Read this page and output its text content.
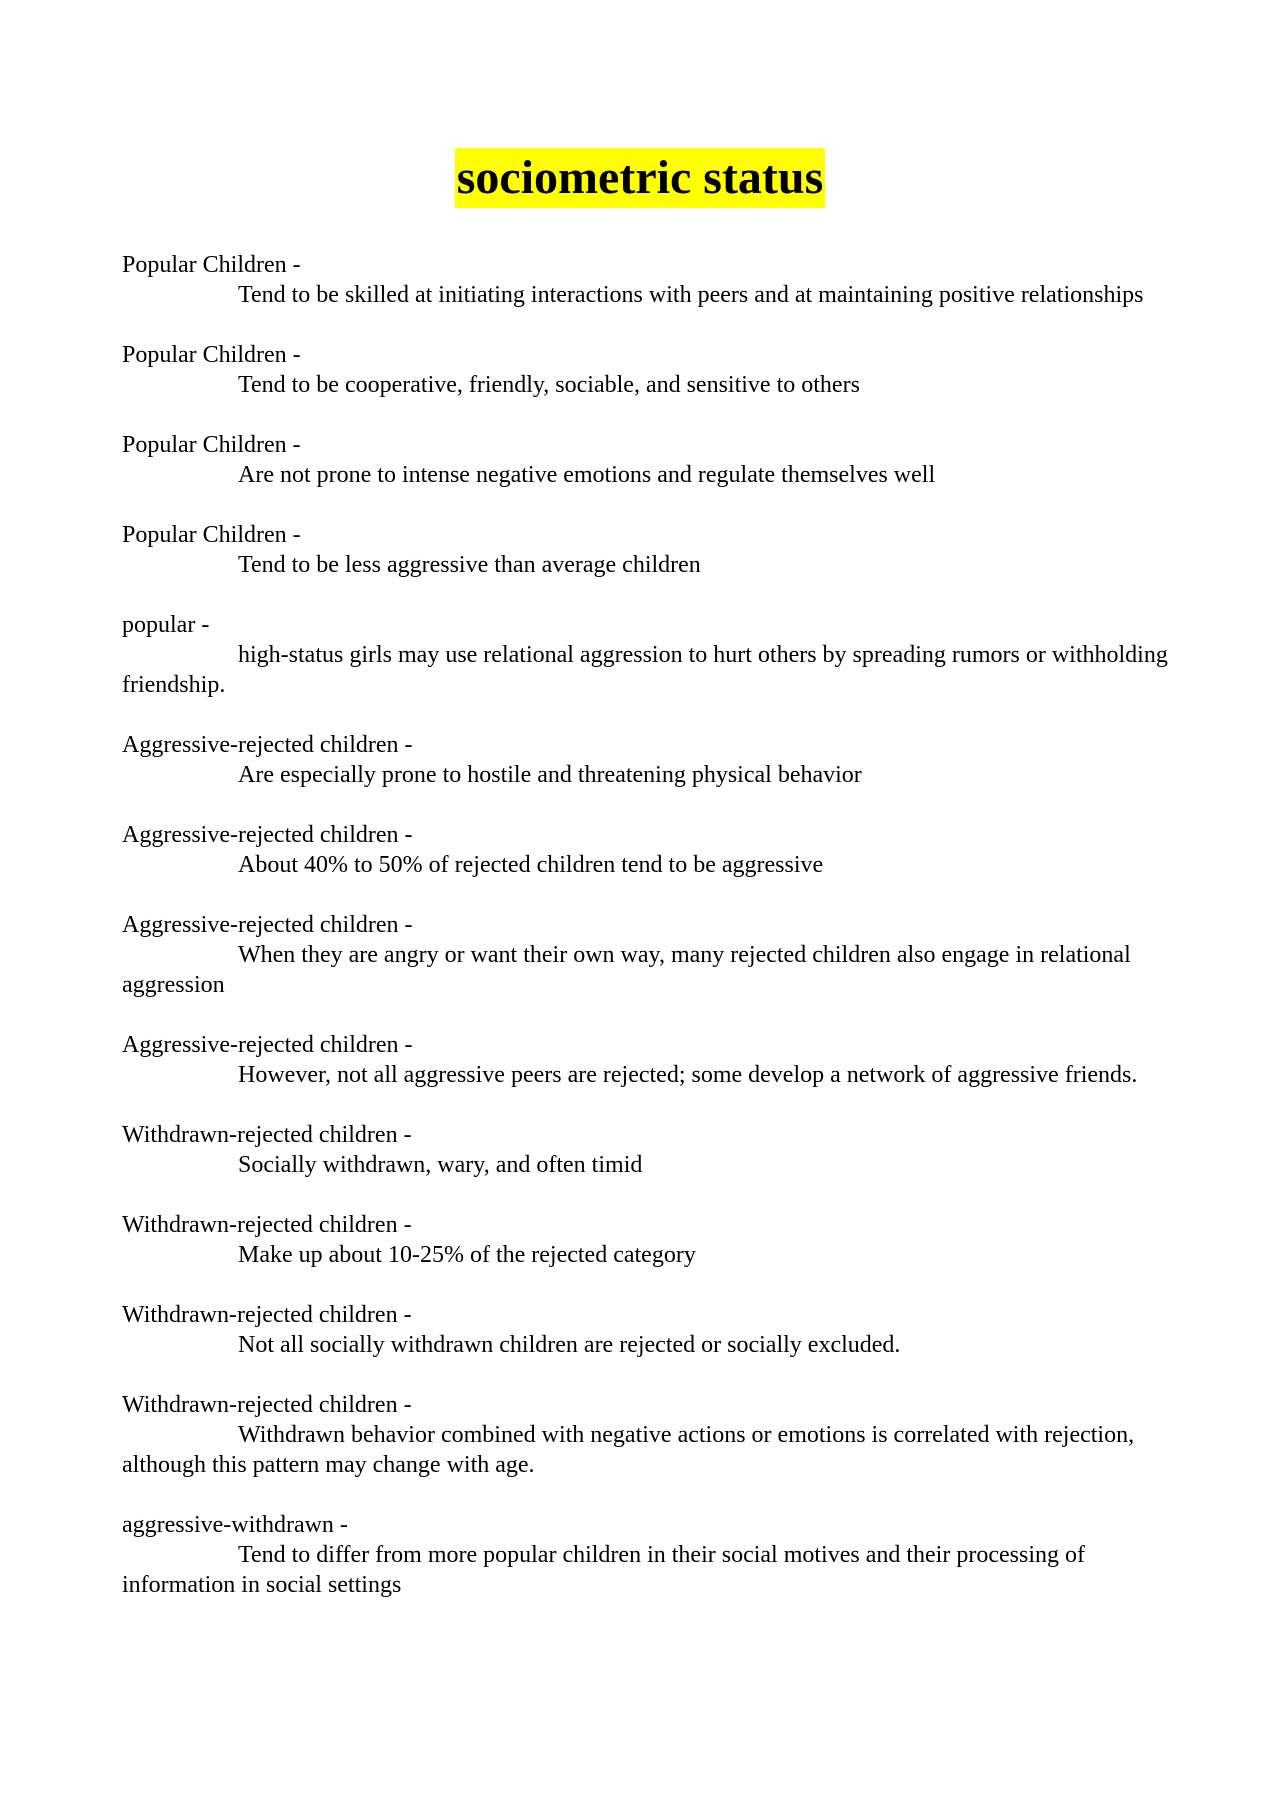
sociometric status
Popular Children -
Tend to be skilled at initiating interactions with peers and at maintaining positive relationships
Popular Children -
Tend to be cooperative, friendly, sociable, and sensitive to others
Popular Children -
Are not prone to intense negative emotions and regulate themselves well
Popular Children -
Tend to be less aggressive than average children
popular -
high-status girls may use relational aggression to hurt others by spreading rumors or withholding friendship.
Aggressive-rejected children -
Are especially prone to hostile and threatening physical behavior
Aggressive-rejected children -
About 40% to 50% of rejected children tend to be aggressive
Aggressive-rejected children -
When they are angry or want their own way, many rejected children also engage in relational aggression
Aggressive-rejected children -
However, not all aggressive peers are rejected; some develop a network of aggressive friends.
Withdrawn-rejected children -
Socially withdrawn, wary, and often timid
Withdrawn-rejected children -
Make up about 10-25% of the rejected category
Withdrawn-rejected children -
Not all socially withdrawn children are rejected or socially excluded.
Withdrawn-rejected children -
Withdrawn behavior combined with negative actions or emotions is correlated with rejection, although this pattern may change with age.
aggressive-withdrawn -
Tend to differ from more popular children in their social motives and their processing of information in social settings
